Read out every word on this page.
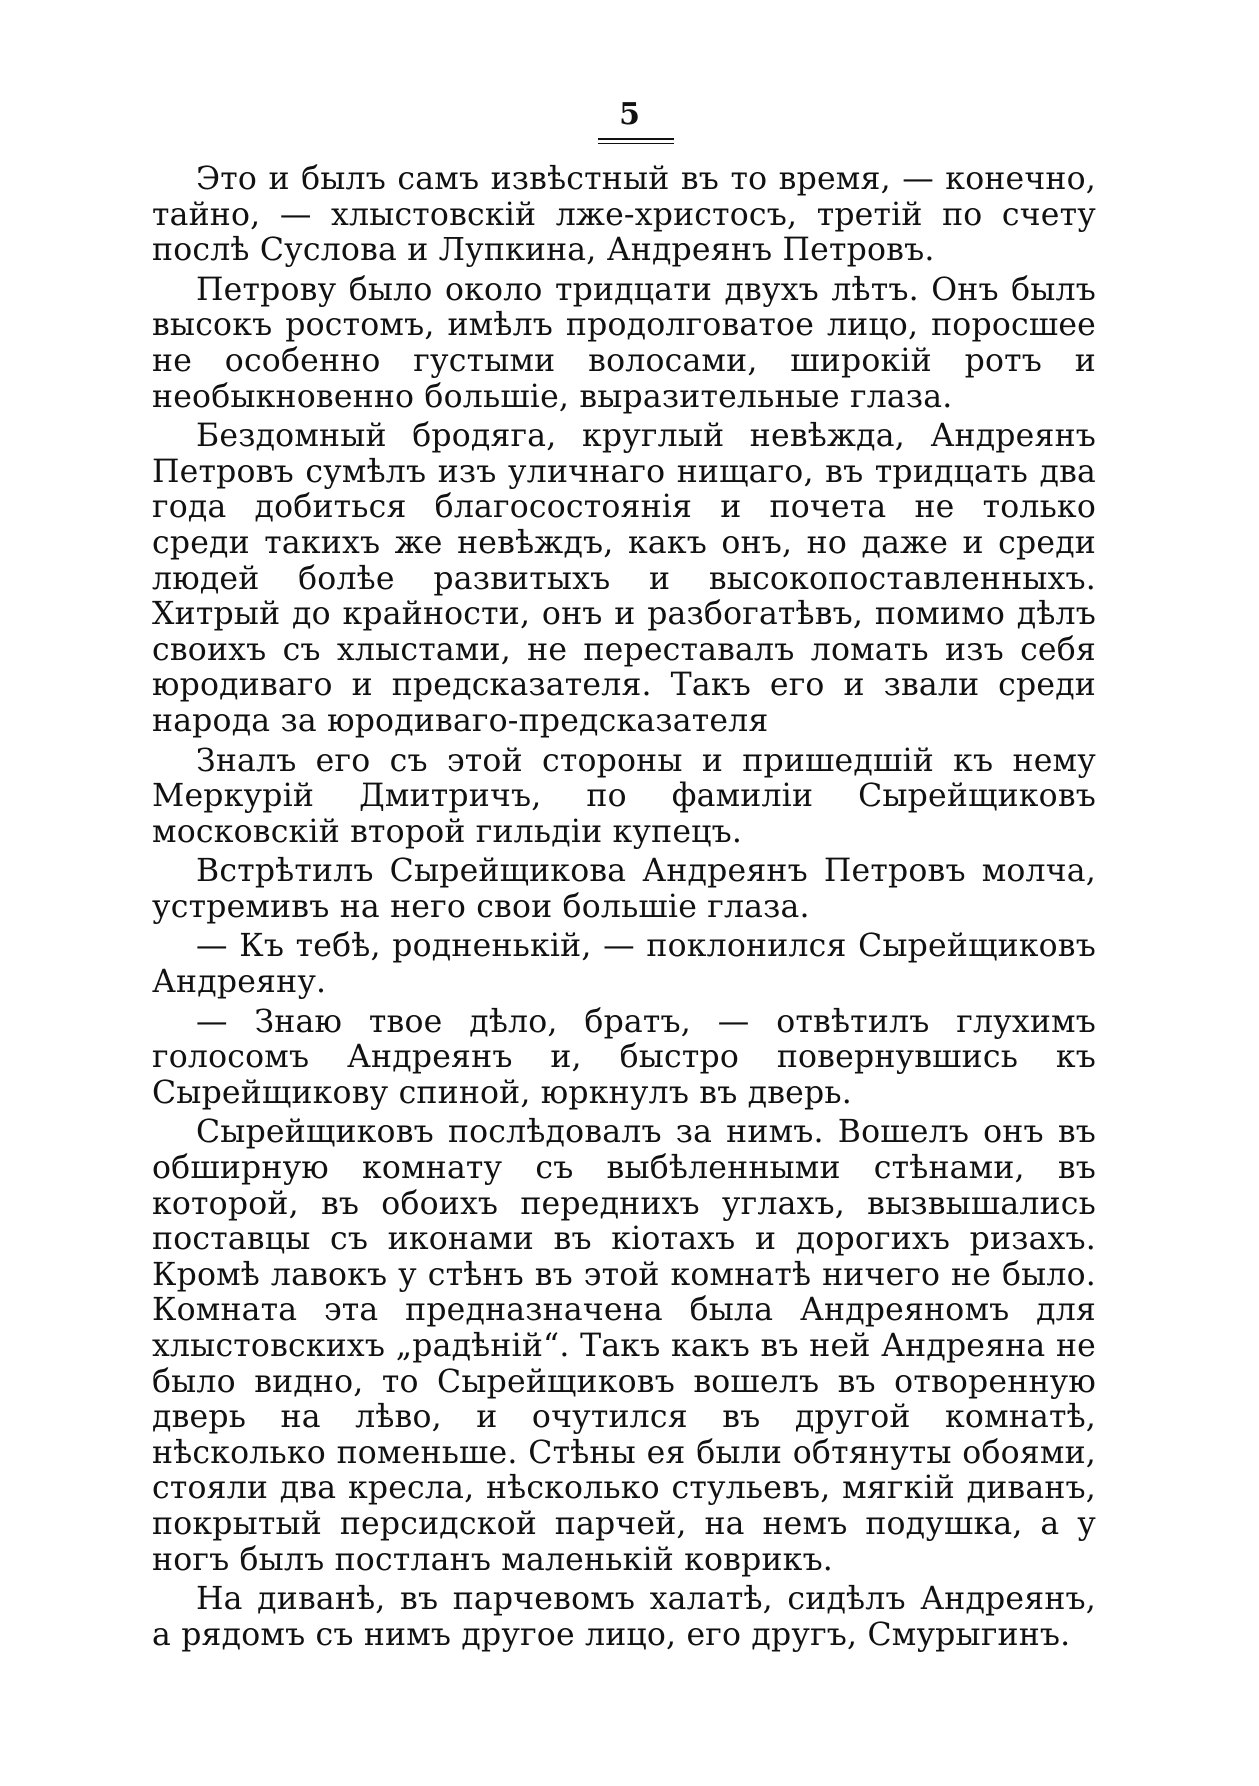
5

Это и былъ самъ извѣстный въ то время, — конечно, тайно, — хлыстовскiй лже-христосъ, третiй по счету послѣ Суслова и Лупкина, Андреянъ Петровъ.

Петрову было около тридцати двухъ лѣтъ. Онъ былъ высокъ ростомъ, имѣлъ продолговатое лицо, поросшее не особенно густыми волосами, широкiй ротъ и необыкновенно большiе, выразительные глаза.

Бездомный бродяга, круглый невѣжда, Андреянъ Петровъ сумѣлъ изъ уличнаго нищаго, въ тридцать два года добиться благосостоянiя и почета не только среди такихъ же невѣждъ, какъ онъ, но даже и среди людей болѣе развитыхъ и высокопоставленныхъ. Хитрый до крайности, онъ и разбогатѣвъ, помимо дѣлъ своихъ съ хлыстами, не переставалъ ломать изъ себя юродиваго и предсказателя. Такъ его и звали среди народа за юродиваго-предсказателя

Зналъ его съ этой стороны и пришедшiй къ нему Меркурiй Дмитричъ, по фамилiи Сырейщиковъ московскiй второй гильдiи купецъ.

Встрѣтилъ Сырейщикова Андреянъ Петровъ молча, устремивъ на него свои большiе глаза.

— Къ тебѣ, родненькiй, — поклонился Сырейщиковъ Андреяну.

— Знаю твое дѣло, братъ, — отвѣтилъ глухимъ голосомъ Андреянъ и, быстро повернувшись къ Сырейщикову спиной, юркнулъ въ дверь.

Сырейщиковъ послѣдовалъ за нимъ. Вошелъ онъ въ обширную комнату съ выбѣленными стѣнами, въ которой, въ обоихъ переднихъ углахъ, вызвышались поставцы съ иконами въ кiотахъ и дорогихъ ризахъ. Кромѣ лавокъ у стѣнъ въ этой комнатѣ ничего не было. Комната эта предназначена была Андреяномъ для хлыстовскихъ „радѣнiй“. Такъ какъ въ ней Андреяна не было видно, то Сырейщиковъ вошелъ въ отворенную дверь на лѣво, и очутился въ другой комнатѣ, нѣсколько поменьше. Стѣны ея были обтянуты обоями, стояли два кресла, нѣсколько стульевъ, мягкiй диванъ, покрытый персидской парчей, на немъ подушка, а у ногъ былъ постланъ маленькiй коврикъ.

На диванѣ, въ парчевомъ халатѣ, сидѣлъ Андреянъ, а рядомъ съ нимъ другое лицо, его другъ, Смурыгинъ.
